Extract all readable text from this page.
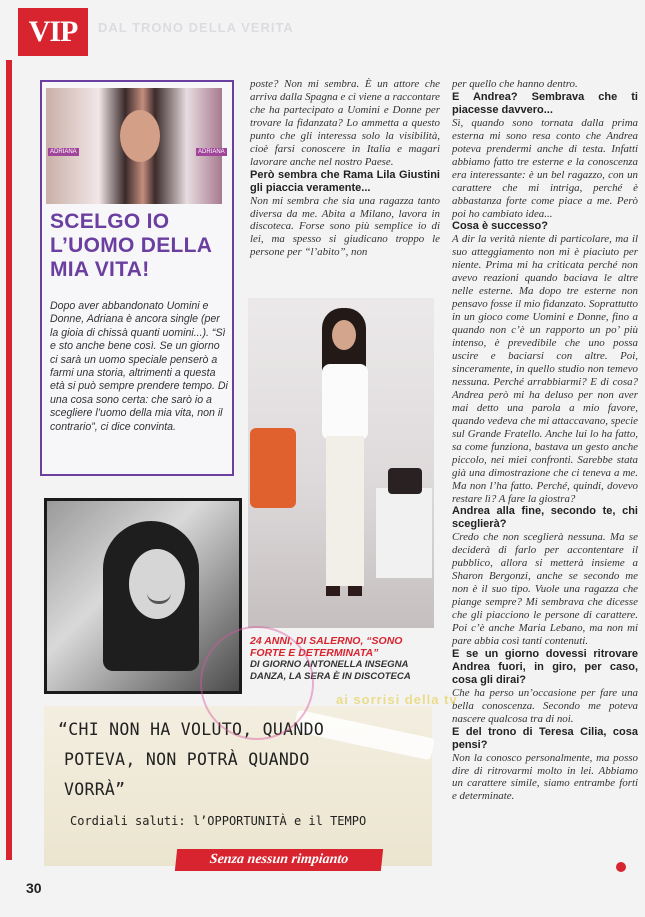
VIP	DAL TRONO DELLA VERITA
ADRIANA	ADRIANA
SCELGO IO L’UOMO DELLA MIA VITA!
Dopo aver abbandonato Uomini e Donne, Adriana è ancora single (per la gioia di chissà quanti uomini...). “Sì e sto anche bene così. Se un giorno ci sarà un uomo speciale penserò a farmi una storia, altrimenti a questa età si può sempre prendere tempo. Di una cosa sono certa: che sarò io a scegliere l’uomo della mia vita, non il contrario”, ci dice convinta.

poste? Non mi sembra. È un attore che arriva dalla Spagna e ci viene a raccontare che ha partecipato a Uomini e Donne per trovare la fidanzata? Lo ammetta a questo punto che gli interessa solo la visibilità, cioè farsi conoscere in Italia e magari lavorare anche nel nostro Paese.

Però sembra che Rama Lila Giustini gli piaccia veramente...

Non mi sembra che sia una ragazza tanto diversa da me. Abita a Milano, lavora in discoteca. Forse sono più semplice io di lei, ma spesso si giudicano troppo le persone per “l’abito”, non

24 ANNI, DI SALERNO, “SONO FORTE E DETERMINATA”
DI GIORNO ANTONELLA INSEGNA DANZA, LA SERA È IN DISCOTECA

per quello che hanno dentro.

E Andrea? Sembrava che ti piacesse davvero...

Sì, quando sono tornata dalla prima esterna mi sono resa conto che Andrea poteva prendermi anche di testa. Infatti abbiamo fatto tre esterne e la conoscenza era interessante: è un bel ragazzo, con un carattere che mi intriga, perché è abbastanza forte come piace a me. Però poi ho cambiato idea...

Cosa è successo?

A dir la verità niente di particolare, ma il suo atteggiamento non mi è piaciuto per niente. Prima mi ha criticata perché non avevo reazioni quando baciava le altre nelle esterne. Ma dopo tre esterne non pensavo fosse il mio fidanzato. Soprattutto in un gioco come Uomini e Donne, fino a quando non c’è un rapporto un po’ più intenso, è prevedibile che uno possa uscire e baciarsi con altre. Poi, sinceramente, in quello studio non temevo nessuna. Perché arrabbiarmi? E di cosa? Andrea però mi ha deluso per non aver mai detto una parola a mio favore, quando vedeva che mi attaccavano, specie sul Grande Fratello. Anche lui lo ha fatto, sa come funziona, bastava un gesto anche piccolo, nei miei confronti. Sarebbe stata già una dimostrazione che ci teneva a me. Ma non l’ha fatto. Perché, quindi, dovevo restare lì? A fare la giostra?

Andrea alla fine, secondo te, chi sceglierà?

Credo che non sceglierà nessuna. Ma se deciderà di farlo per accontentare il pubblico, allora si metterà insieme a Sharon Bergonzi, anche se secondo me non è il suo tipo. Vuole una ragazza che piange sempre? Mi sembrava che dicesse che gli piacciono le persone di carattere. Poi c’è anche Maria Lebano, ma non mi pare abbia così tanti contenuti.

E se un giorno dovessi ritrovare Andrea fuori, in giro, per caso, cosa gli dirai?

Che ha perso un’occasione per fare una bella conoscenza. Secondo me poteva nascere qualcosa tra di noi.

E del trono di Teresa Cilia, cosa pensi?

Non la conosco personalmente, ma posso dire di ritrovarmi molto in lei. Abbiamo un carattere simile, siamo entrambe forti e determinate.

“CHI NON HA VOLUTO, QUANDO
POTEVA, NON POTRÀ QUANDO
VORRÀ”
Cordiali saluti: l’OPPORTUNITÀ e il TEMPO
Senza nessun rimpianto
ai sorrisi della tv
30
